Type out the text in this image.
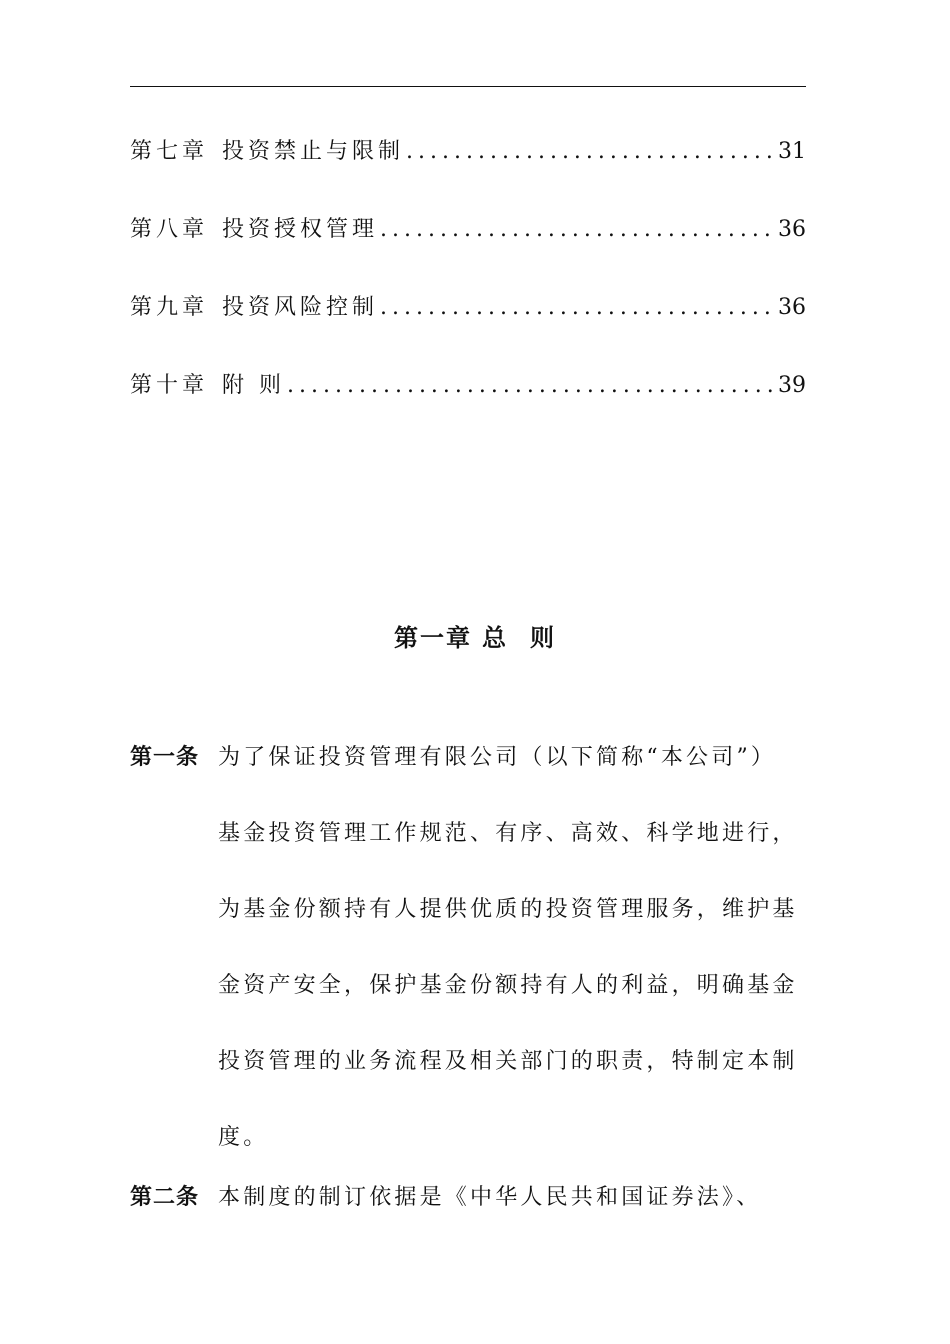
第七章 投资禁止与限制 .....	31
第八章 投资授权管理 .....	36
第九章 投资风险控制 .....	36
第十章 附 则 .....	39
第一章 总 则
第一条 为了保证投资管理有限公司（以下简称“本公司”）
基金投资管理工作规范、有序、高效、科学地进行，
为基金份额持有人提供优质的投资管理服务，维护基
金资产安全，保护基金份额持有人的利益，明确基金
投资管理的业务流程及相关部门的职责，特制定本制
度。
第二条 本制度的制订依据是《中华人民共和国证券法》、
